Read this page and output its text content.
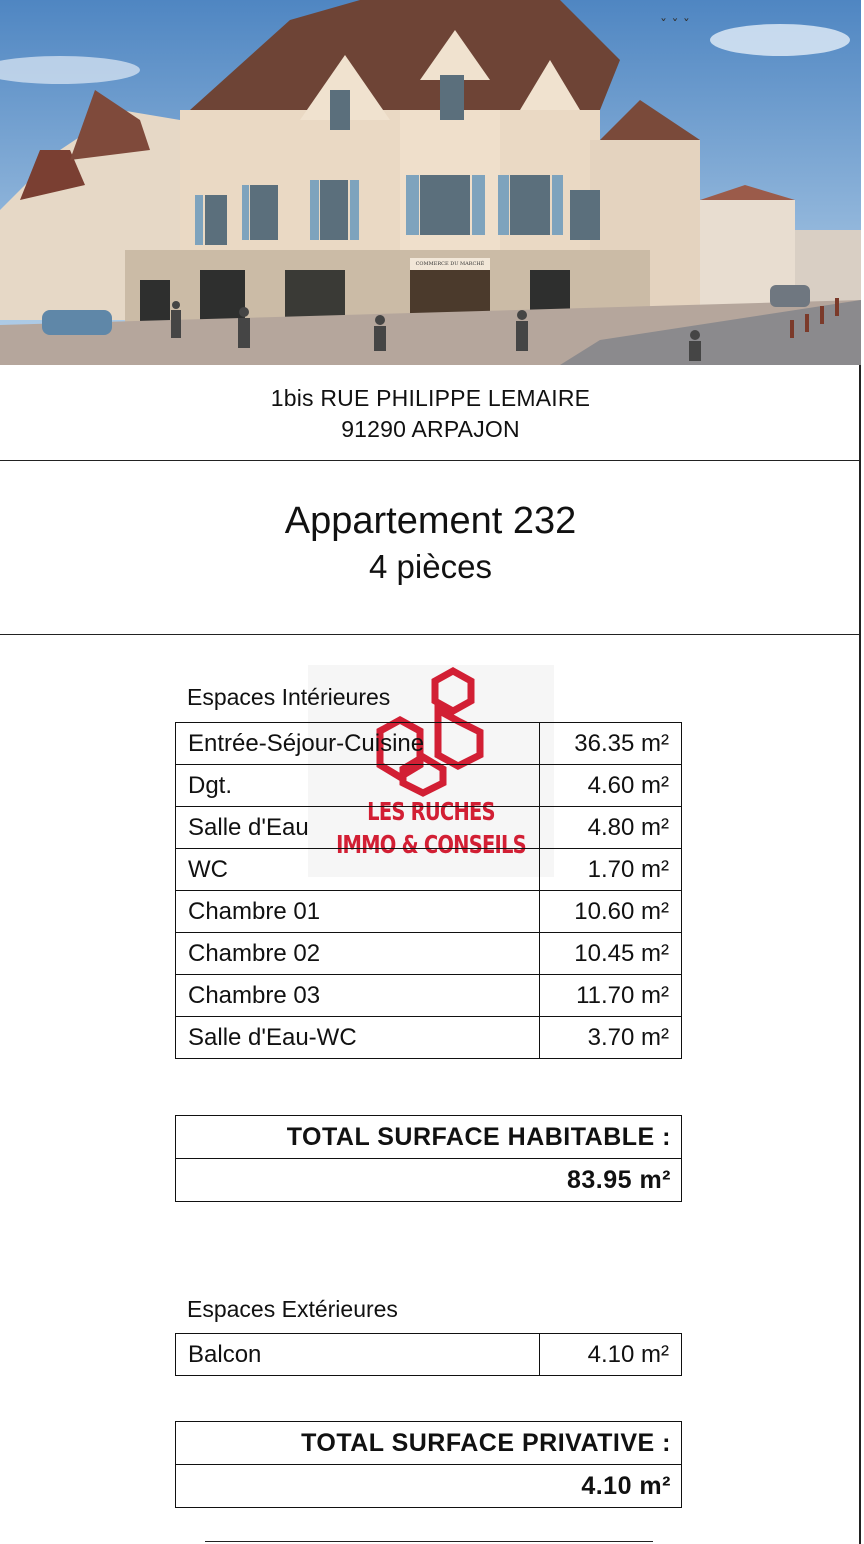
ˇ ˇ ˇ
COMMERCE DU MARCHÉ
1bis RUE PHILIPPE LEMAIRE
91290 ARPAJON
Appartement 232
4 pièces
LES RUCHES
IMMO & CONSEILS
Espaces Intérieures
Entrée-Séjour-Cuisine	36.35 m²
Dgt.	4.60 m²
Salle d'Eau	4.80 m²
WC	1.70 m²
Chambre 01	10.60 m²
Chambre 02	10.45 m²
Chambre 03	11.70 m²
Salle d'Eau-WC	3.70 m²
TOTAL SURFACE HABITABLE :
83.95 m²
Espaces Extérieures
Balcon	4.10 m²
TOTAL SURFACE PRIVATIVE :
4.10 m²
